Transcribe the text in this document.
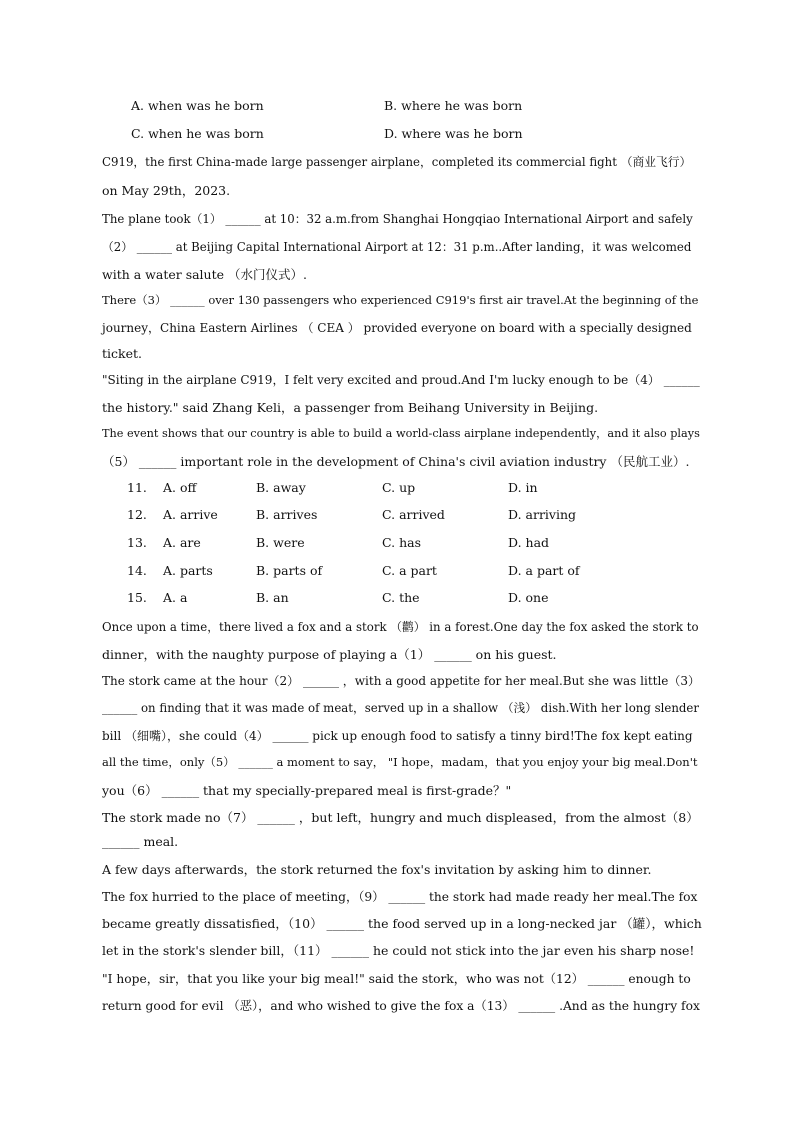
A. when was he born	B. where he was born
C. when he was born	D. where was he born
C919，the first China-made large passenger airplane，completed its commercial fight （商业飞行）
on May 29th，2023.
The plane took（1） ______ at 10：32 a.m.from Shanghai Hongqiao International Airport and safely
（2） ______ at Beijing Capital International Airport at 12：31 p.m..After landing，it was welcomed
with a water salute （水门仪式）.
There（3） ______ over 130 passengers who experienced C919's first air travel.At the beginning of the
journey，China Eastern Airlines （ CEA ） provided everyone on board with a specially designed
ticket.
"Siting in the airplane C919，I felt very excited and proud.And I'm lucky enough to be（4） ______
the history." said Zhang Keli，a passenger from Beihang University in Beijing.
The event shows that our country is able to build a world-class airplane independently，and it also plays
（5） ______ important role in the development of China's civil aviation industry （民航工业）.
11. A. off	B. away	C. up	D. in
12. A. arrive	B. arrives	C. arrived	D. arriving
13. A. are	B. were	C. has	D. had
14. A. parts	B. parts of	C. a part	D. a part of
15. A. a	B. an	C. the	D. one
Once upon a time，there lived a fox and a stork （鹳） in a forest.One day the fox asked the stork to
dinner，with the naughty purpose of playing a（1） ______ on his guest.
The stork came at the hour（2） ______ ，with a good appetite for her meal.But she was little（3）
______ on finding that it was made of meat，served up in a shallow （浅） dish.With her long slender
bill （细嘴），she could（4） ______ pick up enough food to satisfy a tinny bird!The fox kept eating
all the time，only（5） ______ a moment to say， "I hope，madam，that you enjoy your big meal.Don't
you（6） ______ that my specially-prepared meal is first-grade？"
The stork made no（7） ______ ，but left，hungry and much displeased，from the almost（8）
______ meal.
A few days afterwards，the stork returned the fox's invitation by asking him to dinner.
The fox hurried to the place of meeting，（9） ______ the stork had made ready her meal.The fox
became greatly dissatisfied，（10） ______ the food served up in a long-necked jar （罐），which
let in the stork's slender bill，（11） ______ he could not stick into the jar even his sharp nose!
"I hope，sir，that you like your big meal!" said the stork，who was not（12） ______ enough to
return good for evil （恶），and who wished to give the fox a（13） ______ .And as the hungry fox
